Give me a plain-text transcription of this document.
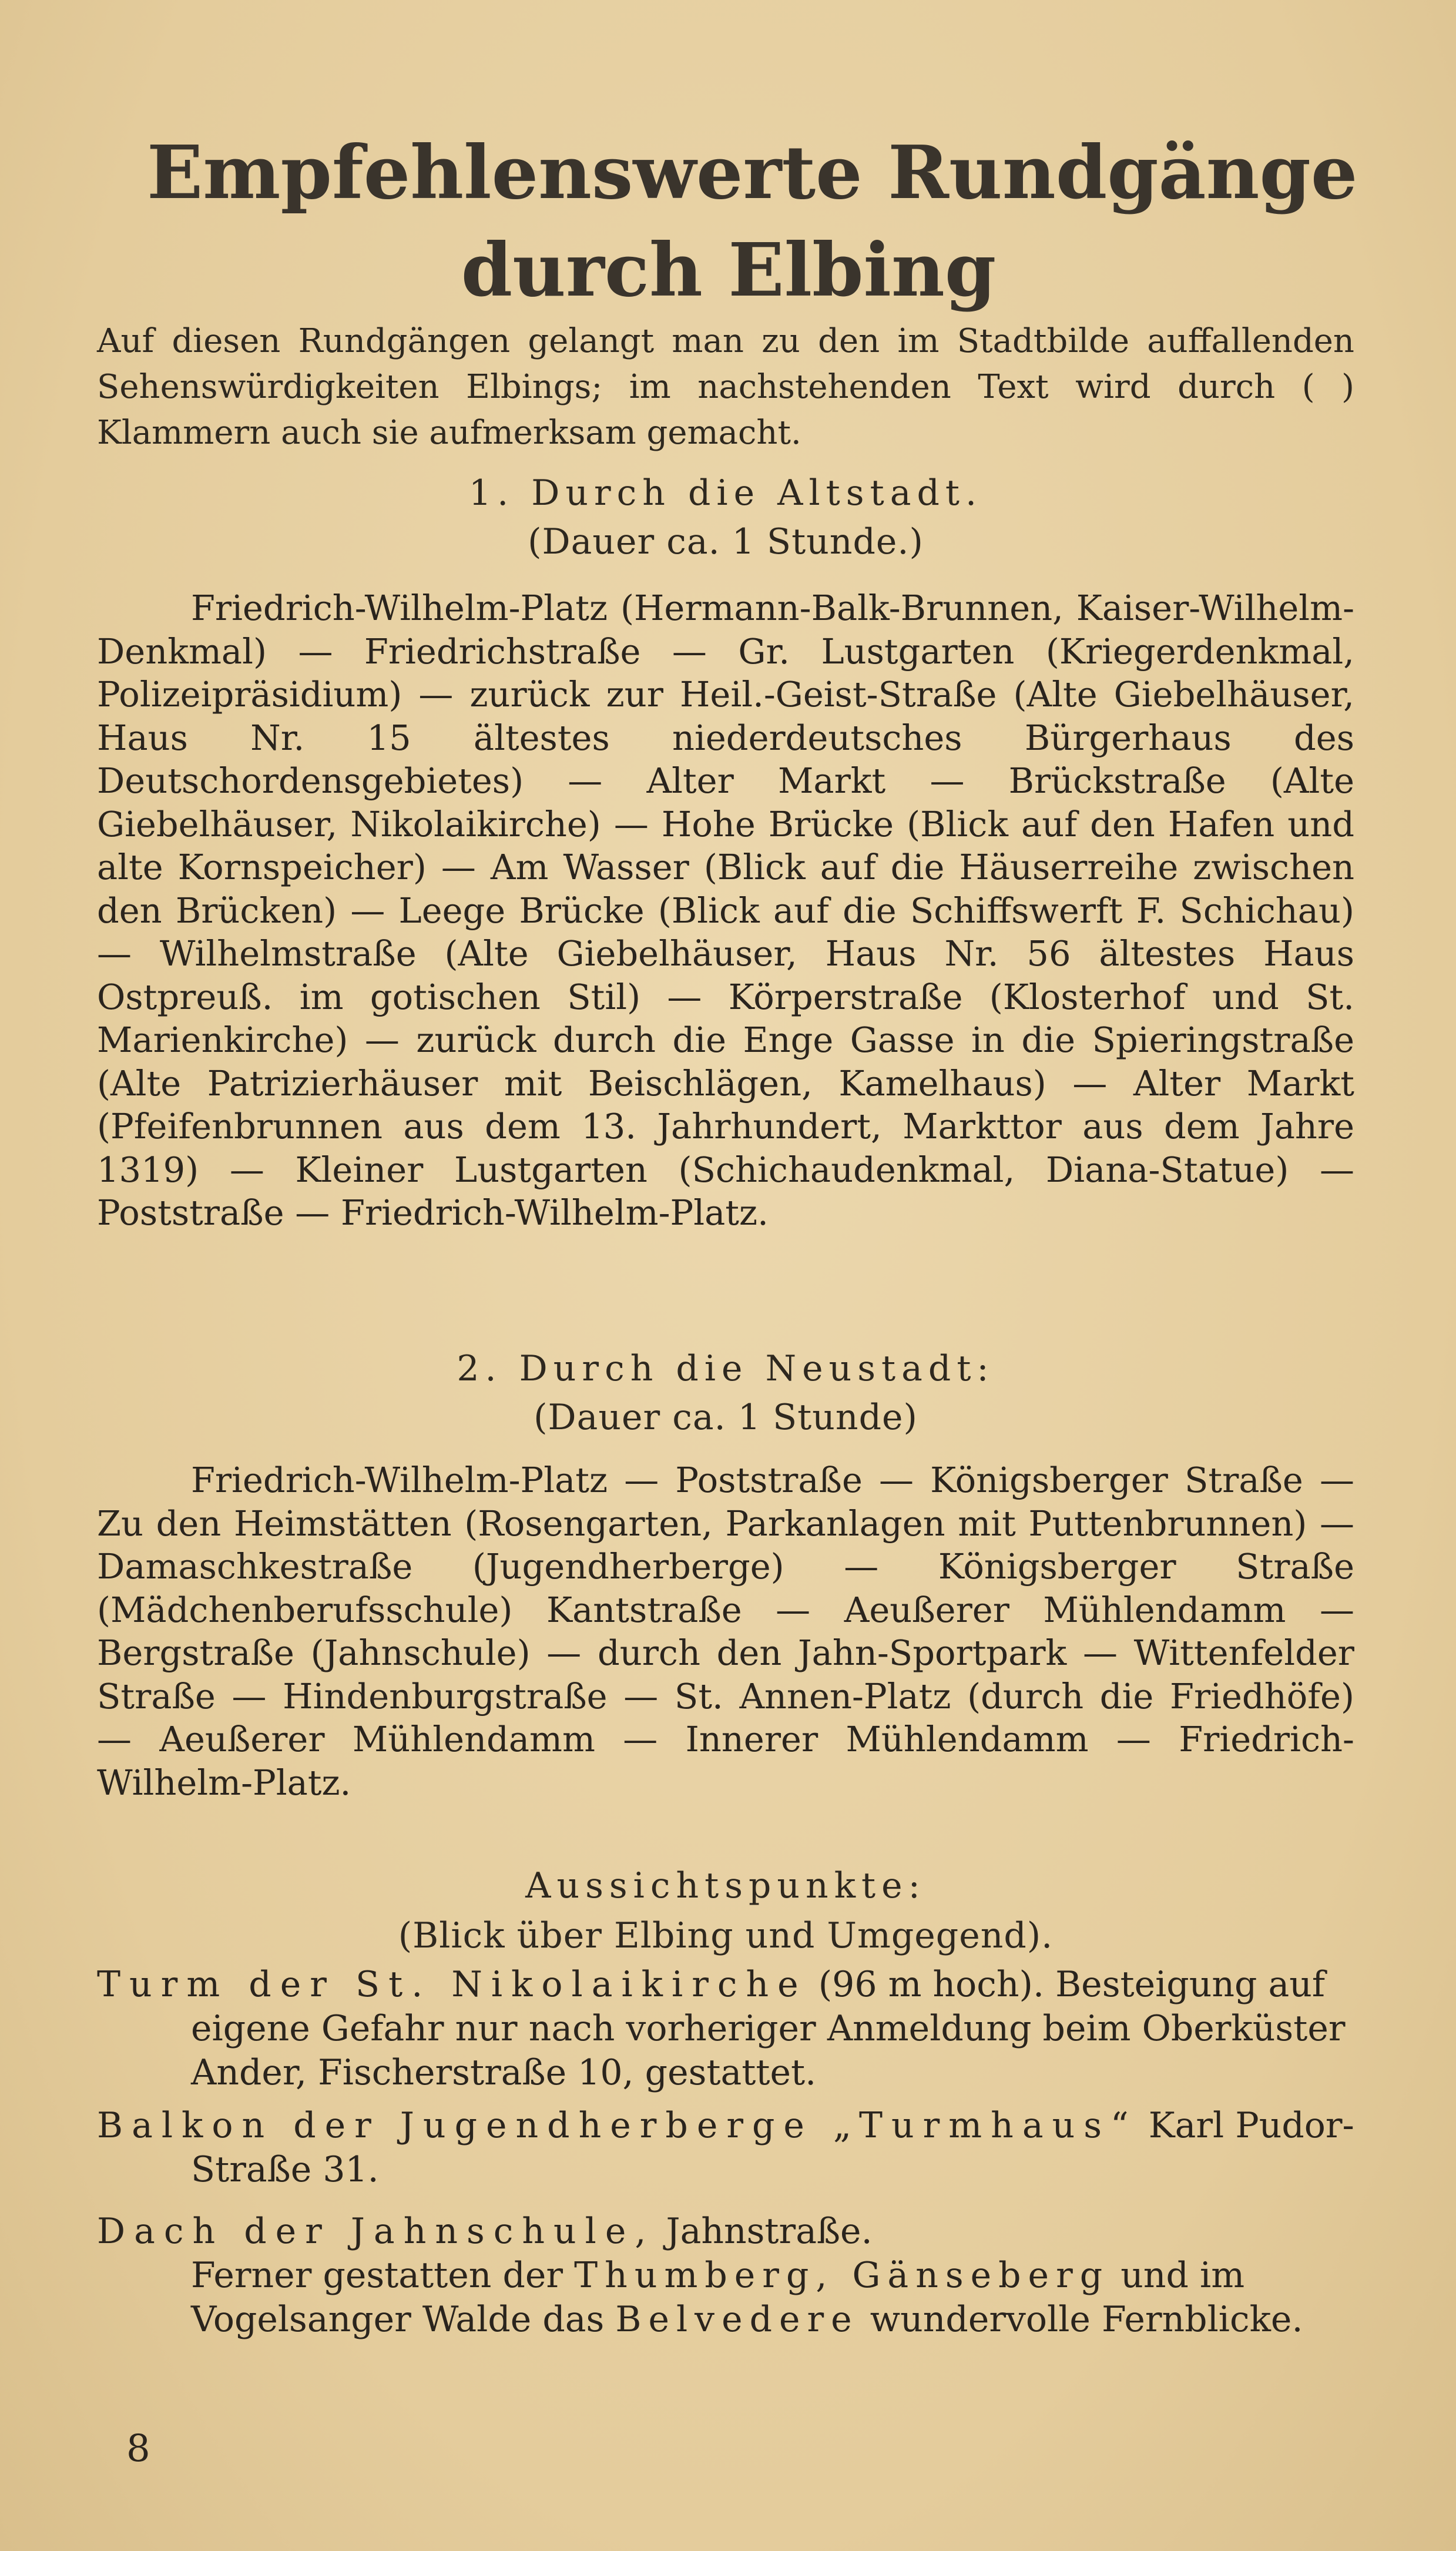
Empfehlenswerte Rundgänge
durch Elbing
Auf diesen Rundgängen gelangt man zu den im Stadtbilde auffallenden Sehenswürdigkeiten Elbings; im nachstehenden Text wird durch ( ) Klammern auch sie aufmerksam gemacht.
1. Durch die Altstadt.
(Dauer ca. 1 Stunde.)
Friedrich-Wilhelm-Platz (Hermann-Balk-Brunnen, Kaiser-Wilhelm-Denkmal) — Friedrichstraße — Gr. Lustgarten (Kriegerdenkmal, Polizeipräsidium) — zurück zur Heil.-Geist-Straße (Alte Giebelhäuser, Haus Nr. 15 ältestes niederdeutsches Bürgerhaus des Deutschordensgebietes) — Alter Markt — Brückstraße (Alte Giebelhäuser, Nikolaikirche) — Hohe Brücke (Blick auf den Hafen und alte Kornspeicher) — Am Wasser (Blick auf die Häuserreihe zwischen den Brücken) — Leege Brücke (Blick auf die Schiffswerft F. Schichau) — Wilhelmstraße (Alte Giebelhäuser, Haus Nr. 56 ältestes Haus Ostpreuß. im gotischen Stil) — Körperstraße (Klosterhof und St. Marienkirche) — zurück durch die Enge Gasse in die Spieringstraße (Alte Patrizierhäuser mit Beischlägen, Kamelhaus) — Alter Markt (Pfeifenbrunnen aus dem 13. Jahrhundert, Markttor aus dem Jahre 1319) — Kleiner Lustgarten (Schichaudenkmal, Diana-Statue) — Poststraße — Friedrich-Wilhelm-Platz.
2. Durch die Neustadt:
(Dauer ca. 1 Stunde)
Friedrich-Wilhelm-Platz — Poststraße — Königsberger Straße — Zu den Heimstätten (Rosengarten, Parkanlagen mit Puttenbrunnen) — Damaschkestraße (Jugendherberge) — Königsberger Straße (Mädchenberufsschule) Kantstraße — Aeußerer Mühlendamm — Bergstraße (Jahnschule) — durch den Jahn-Sportpark — Wittenfelder Straße — Hindenburgstraße — St. Annen-Platz (durch die Friedhöfe) — Aeußerer Mühlendamm — Innerer Mühlendamm — Friedrich-Wilhelm-Platz.
Aussichtspunkte:
(Blick über Elbing und Umgegend).
Turm der St. Nikolaikirche (96 m hoch). Besteigung auf eigene Gefahr nur nach vorheriger Anmeldung beim Oberküster Ander, Fischerstraße 10, gestattet.
Balkon der Jugendherberge „Turmhaus“ Karl Pudor-Straße 31.
Dach der Jahnschule, Jahnstraße.
Ferner gestatten der Thumberg, Gänseberg und im Vogelsanger Walde das Belvedere wundervolle Fernblicke.
8
